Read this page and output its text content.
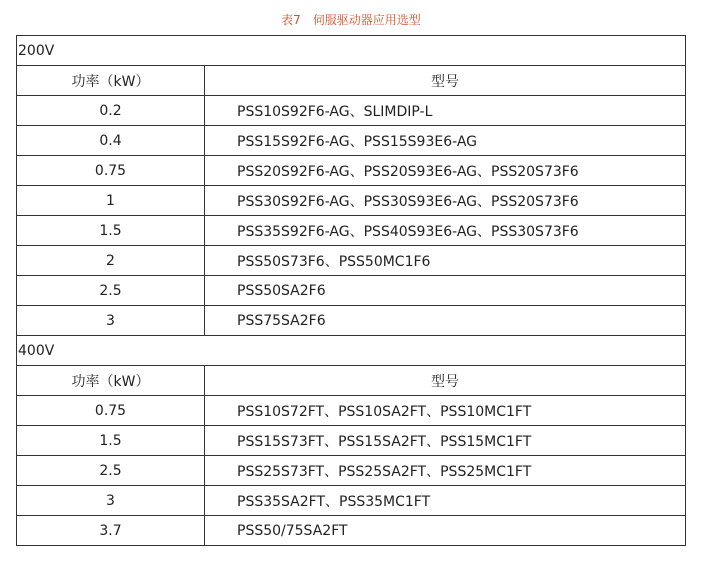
表7　伺服驱动器应用选型
200V	
功率（kW）	型号
0.2	PSS10S92F6-AG、SLIMDIP-L
0.4	PSS15S92F6-AG、PSS15S93E6-AG
0.75	PSS20S92F6-AG、PSS20S93E6-AG、PSS20S73F6
1	PSS30S92F6-AG、PSS30S93E6-AG、PSS20S73F6
1.5	PSS35S92F6-AG、PSS40S93E6-AG、PSS30S73F6
2	PSS50S73F6、PSS50MC1F6
2.5	PSS50SA2F6
3	PSS75SA2F6
400V	
功率（kW）	型号
0.75	PSS10S72FT、PSS10SA2FT、PSS10MC1FT
1.5	PSS15S73FT、PSS15SA2FT、PSS15MC1FT
2.5	PSS25S73FT、PSS25SA2FT、PSS25MC1FT
3	PSS35SA2FT、PSS35MC1FT
3.7	PSS50/75SA2FT
